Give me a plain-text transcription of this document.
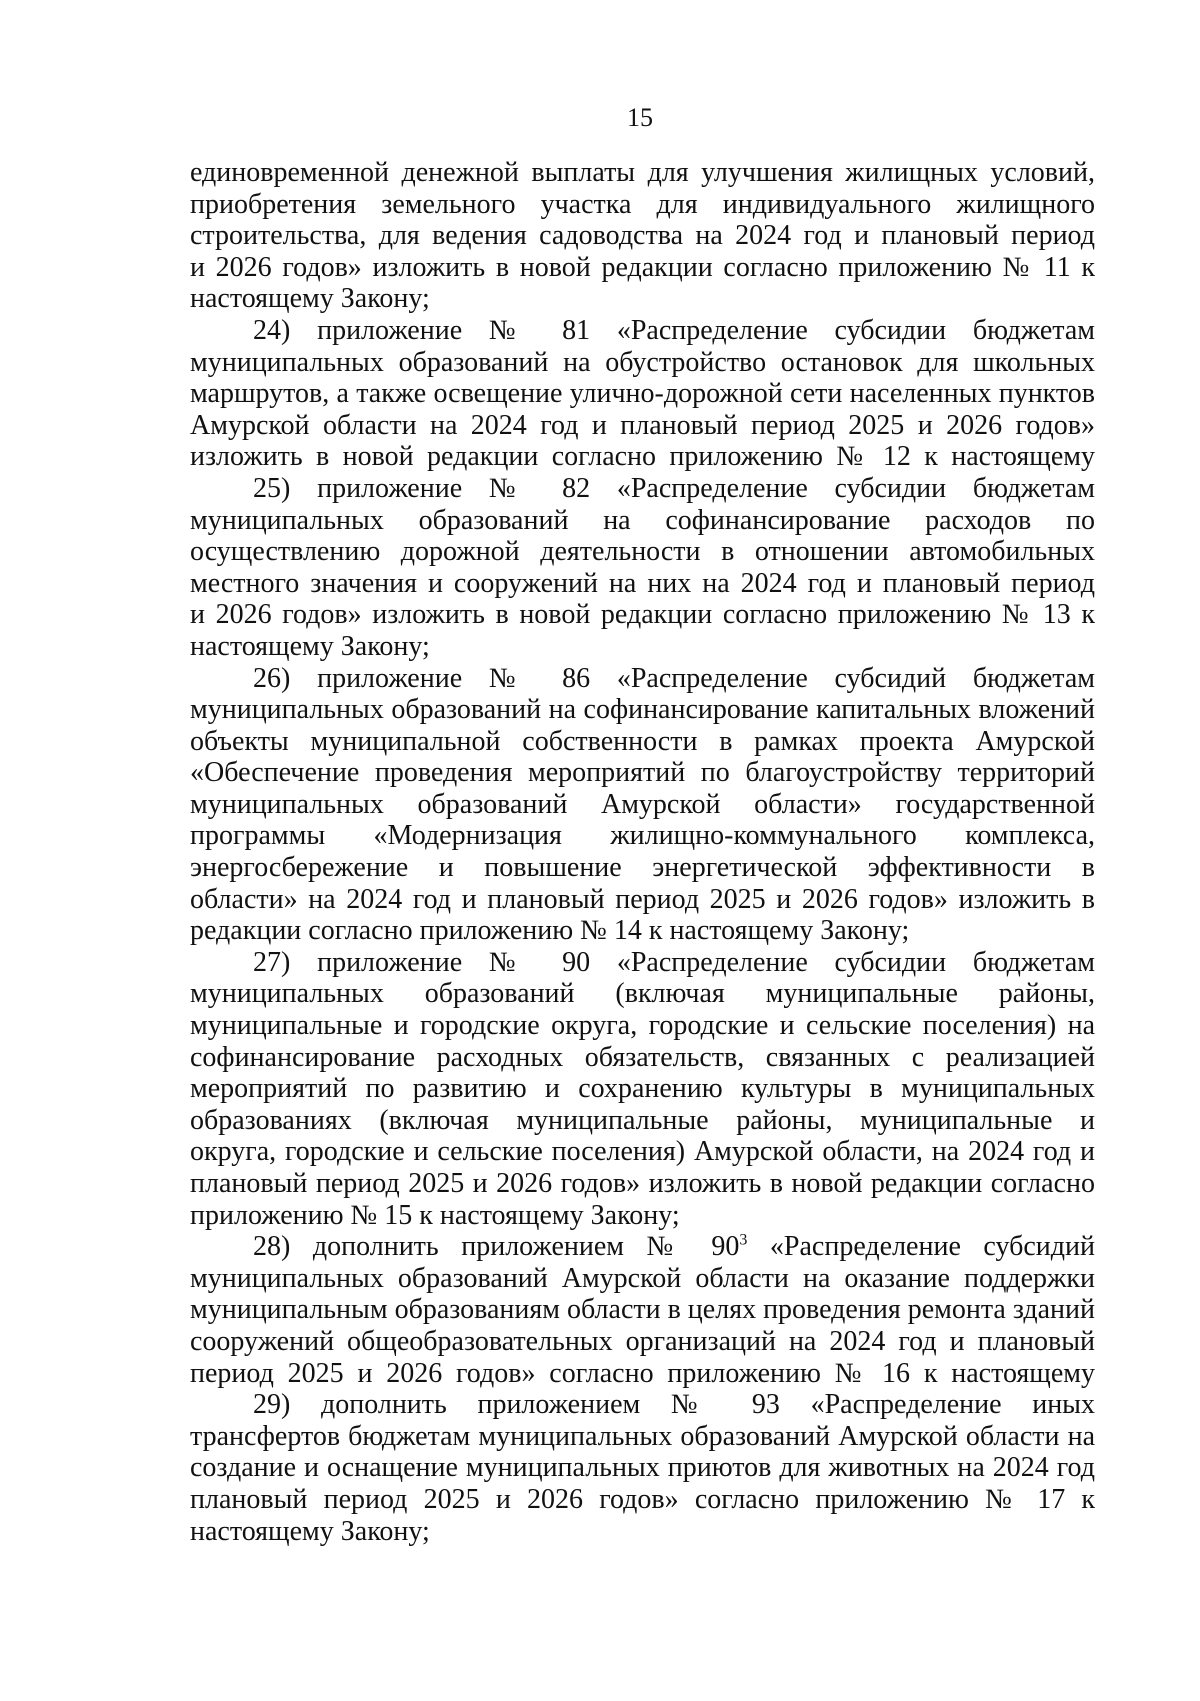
15
единовременной денежной выплаты для улучшения жилищных условий,
приобретения земельного участка для индивидуального жилищного
строительства, для ведения садоводства на 2024 год и плановый период
и 2026 годов» изложить в новой редакции согласно приложению № 11 к
настоящему Закону;
24) приложение № 81 «Распределение субсидии бюджетам
муниципальных образований на обустройство остановок для школьных
маршрутов, а также освещение улично-дорожной сети населенных пунктов
Амурской области на 2024 год и плановый период 2025 и 2026 годов»
изложить в новой редакции согласно приложению № 12 к настоящему
25) приложение № 82 «Распределение субсидии бюджетам
муниципальных образований на софинансирование расходов по
осуществлению дорожной деятельности в отношении автомобильных
местного значения и сооружений на них на 2024 год и плановый период
и 2026 годов» изложить в новой редакции согласно приложению № 13 к
настоящему Закону;
26) приложение № 86 «Распределение субсидий бюджетам
муниципальных образований на софинансирование капитальных вложений
объекты муниципальной собственности в рамках проекта Амурской
«Обеспечение проведения мероприятий по благоустройству территорий
муниципальных образований Амурской области» государственной
программы «Модернизация жилищно-коммунального комплекса,
энергосбережение и повышение энергетической эффективности в
области» на 2024 год и плановый период 2025 и 2026 годов» изложить в
редакции согласно приложению № 14 к настоящему Закону;
27) приложение № 90 «Распределение субсидии бюджетам
муниципальных образований (включая муниципальные районы,
муниципальные и городские округа, городские и сельские поселения) на
софинансирование расходных обязательств, связанных с реализацией
мероприятий по развитию и сохранению культуры в муниципальных
образованиях (включая муниципальные районы, муниципальные и
округа, городские и сельские поселения) Амурской области, на 2024 год и
плановый период 2025 и 2026 годов» изложить в новой редакции согласно
приложению № 15 к настоящему Закону;
28) дополнить приложением № $90^3$ «Распределение субсидий
муниципальных образований Амурской области на оказание поддержки
муниципальным образованиям области в целях проведения ремонта зданий
сооружений общеобразовательных организаций на 2024 год и плановый
период 2025 и 2026 годов» согласно приложению № 16 к настоящему
29) дополнить приложением № 93 «Распределение иных
трансфертов бюджетам муниципальных образований Амурской области на
создание и оснащение муниципальных приютов для животных на 2024 год
плановый период 2025 и 2026 годов» согласно приложению № 17 к
настоящему Закону;
